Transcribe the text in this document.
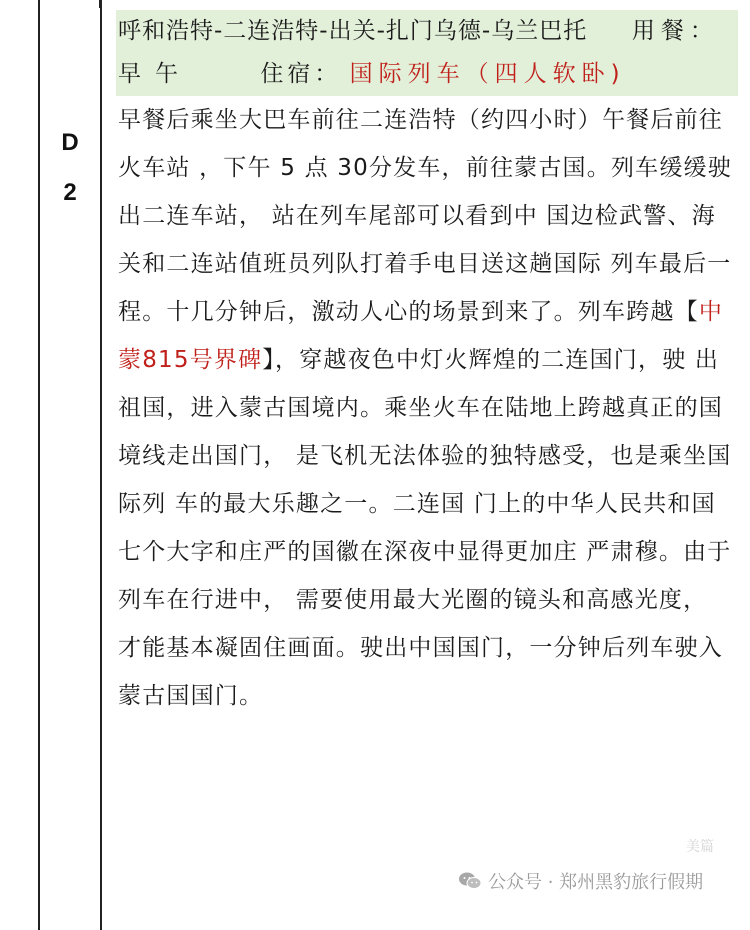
D
2
呼和浩特-二连浩特-出关-扎门乌德-乌兰巴托 用餐： 早午	住宿： 国际列车（四人软卧)
早餐后乘坐大巴车前往二连浩特（约四小时）午餐后前往火车站 ，下午 5 点 30分发车，前往蒙古国。列车缓缓驶出二连车站， 站在列车尾部可以看到中 国边检武警、海关和二连站值班员列队打着手电目送这趟国际 列车最后一程。十几分钟后，激动人心的场景到来了。列车跨越【中蒙815号界碑】，穿越夜色中灯火辉煌的二连国门，驶 出祖国，进入蒙古国境内。乘坐火车在陆地上跨越真正的国境线走出国门， 是飞机无法体验的独特感受，也是乘坐国际列 车的最大乐趣之一。二连国 门上的中华人民共和国七个大字和庄严的国徽在深夜中显得更加庄 严肃穆。由于列车在行进中， 需要使用最大光圈的镜头和高感光度， 才能基本凝固住画面。驶出中国国门，一分钟后列车驶入蒙古国国门。
美篇
公众号 · 郑州黑豹旅行假期
